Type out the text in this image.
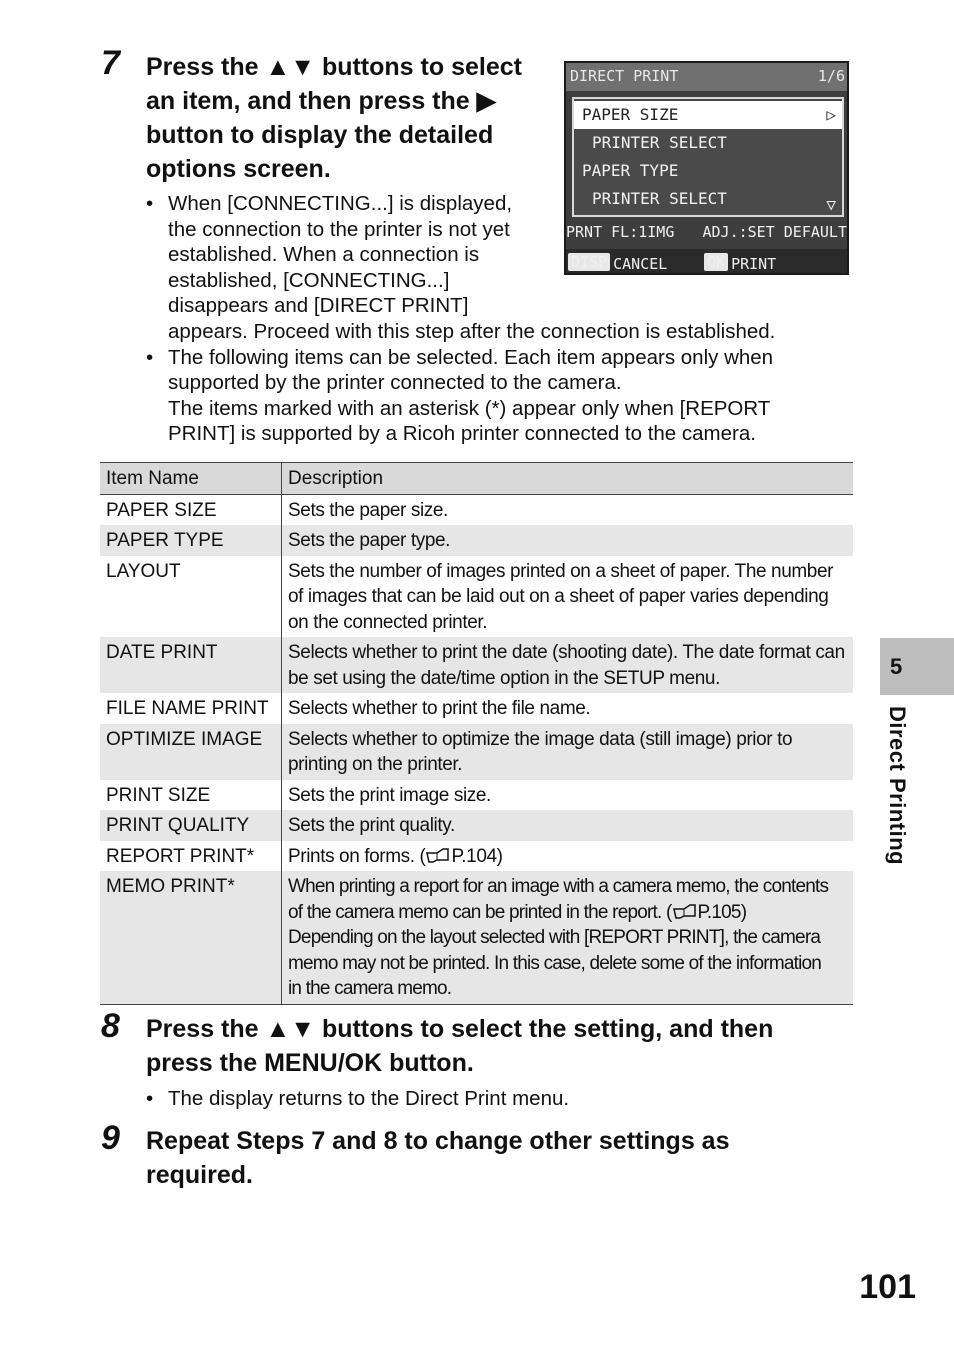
7 Press the ▲▼ buttons to select
an item, and then press the ▶
button to display the detailed
options screen.

• When [CONNECTING...] is displayed,

the connection to the printer is not yet

established. When a connection is

established, [CONNECTING...]

disappears and [DIRECT PRINT]

appears. Proceed with this step after the connection is established.

• The following items can be selected. Each item appears only when

supported by the printer connected to the camera.

The items marked with an asterisk (*) appear only when [REPORT

PRINT] is supported by a Ricoh printer connected to the camera.

DIRECT PRINT	1/6
PAPER SIZE	▷
PRINTER SELECT
PAPER TYPE
PRINTER SELECT	▽
PRNT FL:1IMG ADJ.:SET DEFAULT
DISP CANCEL	OK PRINT
Item Name	Description
PAPER SIZE	Sets the paper size.
PAPER TYPE	Sets the paper type.
LAYOUT	Sets the number of images printed on a sheet of paper. The number
of images that can be laid out on a sheet of paper varies depending
on the connected printer.
DATE PRINT	Selects whether to print the date (shooting date). The date format can
be set using the date/time option in the SETUP menu.
FILE NAME PRINT	Selects whether to print the file name.
OPTIMIZE IMAGE	Selects whether to optimize the image data (still image) prior to
printing on the printer.
PRINT SIZE	Sets the print image size.
PRINT QUALITY	Sets the print quality.
REPORT PRINT*	Prints on forms. ( P.104)
MEMO PRINT*	When printing a report for an image with a camera memo, the contents
of the camera memo can be printed in the report. ( P.105)
Depending on the layout selected with [REPORT PRINT], the camera
memo may not be printed. In this case, delete some of the information
in the camera memo.
8 Press the ▲▼ buttons to select the setting, and then
press the MENU/OK button.
• The display returns to the Direct Print menu.
9 Repeat Steps 7 and 8 to change other settings as
required.
5
Direct Printing
101
